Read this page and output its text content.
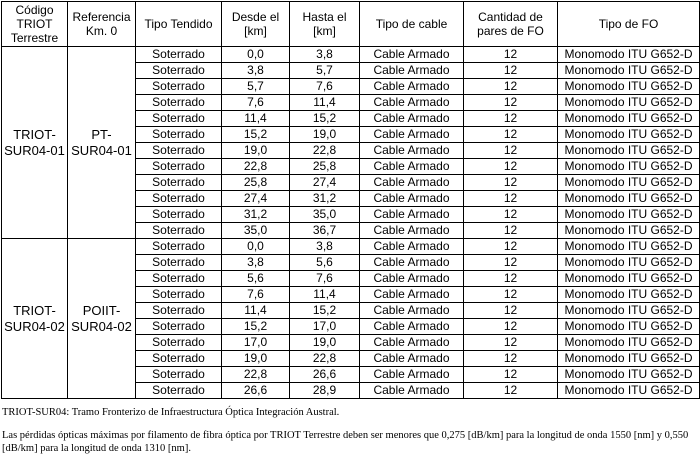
Código TRIOT Terrestre	Referencia Km. 0	Tipo Tendido	Desde el [km]	Hasta el [km]	Tipo de cable	Cantidad de pares de FO	Tipo de FO
TRIOT-SUR04-01	PT-SUR04-01	Soterrado	0,0	3,8	Cable Armado	12	Monomodo ITU G652-D
		Soterrado	3,8	5,7	Cable Armado	12	Monomodo ITU G652-D
		Soterrado	5,7	7,6	Cable Armado	12	Monomodo ITU G652-D
		Soterrado	7,6	11,4	Cable Armado	12	Monomodo ITU G652-D
		Soterrado	11,4	15,2	Cable Armado	12	Monomodo ITU G652-D
		Soterrado	15,2	19,0	Cable Armado	12	Monomodo ITU G652-D
		Soterrado	19,0	22,8	Cable Armado	12	Monomodo ITU G652-D
		Soterrado	22,8	25,8	Cable Armado	12	Monomodo ITU G652-D
		Soterrado	25,8	27,4	Cable Armado	12	Monomodo ITU G652-D
		Soterrado	27,4	31,2	Cable Armado	12	Monomodo ITU G652-D
		Soterrado	31,2	35,0	Cable Armado	12	Monomodo ITU G652-D
		Soterrado	35,0	36,7	Cable Armado	12	Monomodo ITU G652-D
TRIOT-SUR04-02	POIIT-SUR04-02	Soterrado	0,0	3,8	Cable Armado	12	Monomodo ITU G652-D
		Soterrado	3,8	5,6	Cable Armado	12	Monomodo ITU G652-D
		Soterrado	5,6	7,6	Cable Armado	12	Monomodo ITU G652-D
		Soterrado	7,6	11,4	Cable Armado	12	Monomodo ITU G652-D
		Soterrado	11,4	15,2	Cable Armado	12	Monomodo ITU G652-D
		Soterrado	15,2	17,0	Cable Armado	12	Monomodo ITU G652-D
		Soterrado	17,0	19,0	Cable Armado	12	Monomodo ITU G652-D
		Soterrado	19,0	22,8	Cable Armado	12	Monomodo ITU G652-D
		Soterrado	22,8	26,6	Cable Armado	12	Monomodo ITU G652-D
		Soterrado	26,6	28,9	Cable Armado	12	Monomodo ITU G652-D

TRIOT-SUR04: Tramo Fronterizo de Infraestructura Óptica Integración Austral.

Las pérdidas ópticas máximas por filamento de fibra óptica por TRIOT Terrestre deben ser menores que 0,275 [dB/km] para la longitud de onda 1550 [nm] y 0,550 [dB/km] para la longitud de onda 1310 [nm].
